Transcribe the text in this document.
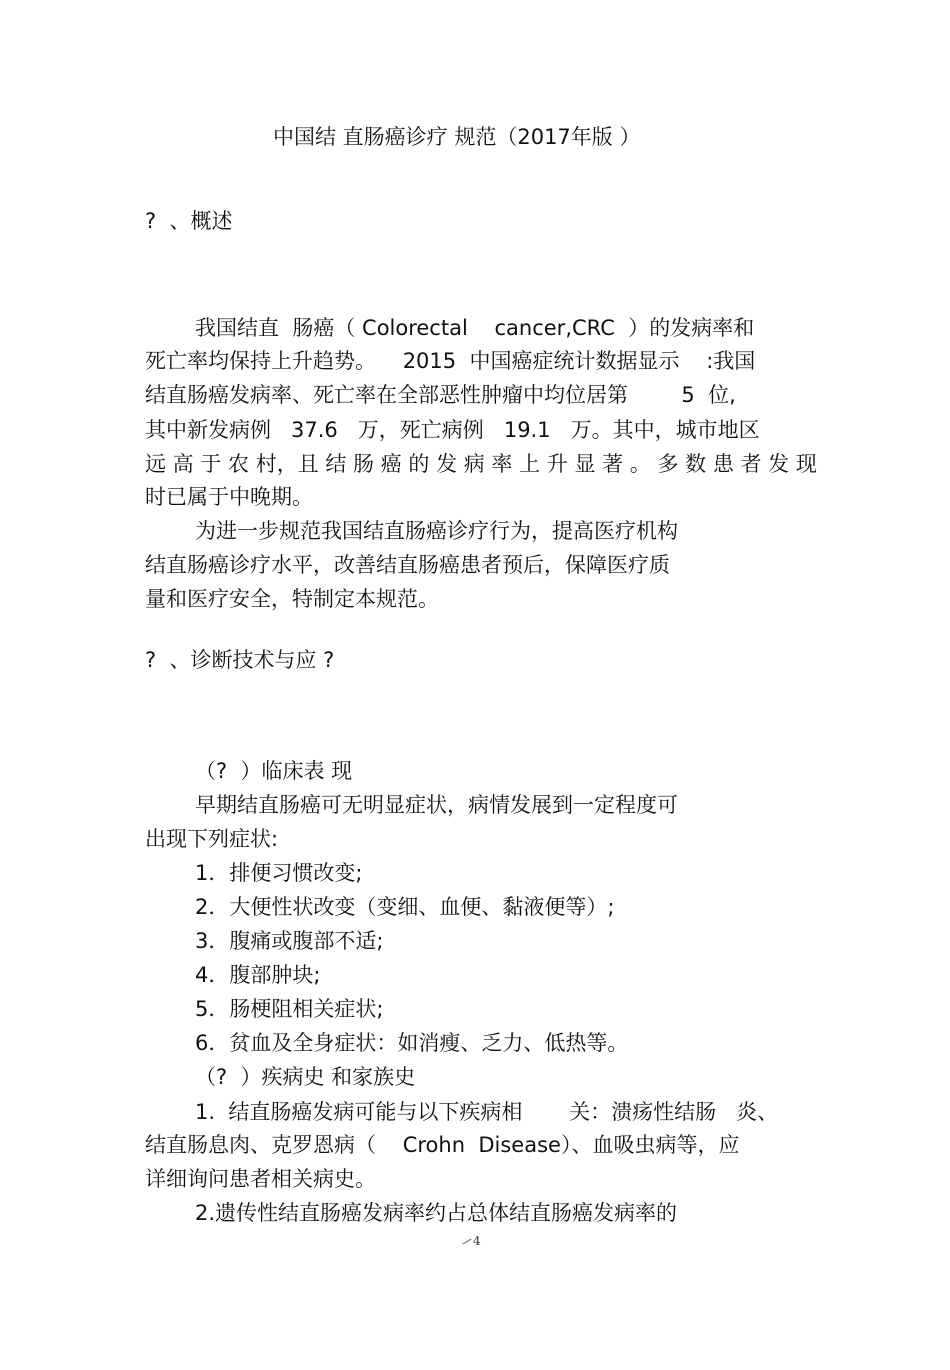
中国结 直肠癌诊疗 规范（2017年版 ）
?  、概述
我国结直  肠癌（ Colorectal    cancer,CRC  ）的发病率和
死亡率均保持上升趋势。    2015  中国癌症统计数据显示    :我国
结直肠癌发病率、死亡率在全部恶性肿瘤中均位居第        5  位,
其中新发病例   37.6   万，死亡病例   19.1   万。其中，城市地区
远 高 于 农 村，且 结 肠 癌 的 发 病 率 上 升 显 著 。 多 数 患 者 发 现
时已属于中晚期。
为进一步规范我国结直肠癌诊疗行为，提高医疗机构
结直肠癌诊疗水平，改善结直肠癌患者预后，保障医疗质
量和医疗安全，特制定本规范。
?  、诊断技术与应 ?
（?  ）临床表 现
早期结直肠癌可无明显症状，病情发展到一定程度可
出现下列症状:
1．排便习惯改变;
2．大便性状改变（变细、血便、黏液便等）;
3．腹痛或腹部不适;
4．腹部肿块;
5．肠梗阻相关症状;
6．贫血及全身症状：如消瘦、乏力、低热等。
（?  ）疾病史 和家族史
1.  结直肠癌发病可能与以下疾病相       关：溃疡性结肠   炎、
结直肠息肉、克罗恩病（    Crohn  Disease）、血吸虫病等，应
详细询问患者相关病史。
2.遗传性结直肠癌发病率约占总体结直肠癌发病率的
4
